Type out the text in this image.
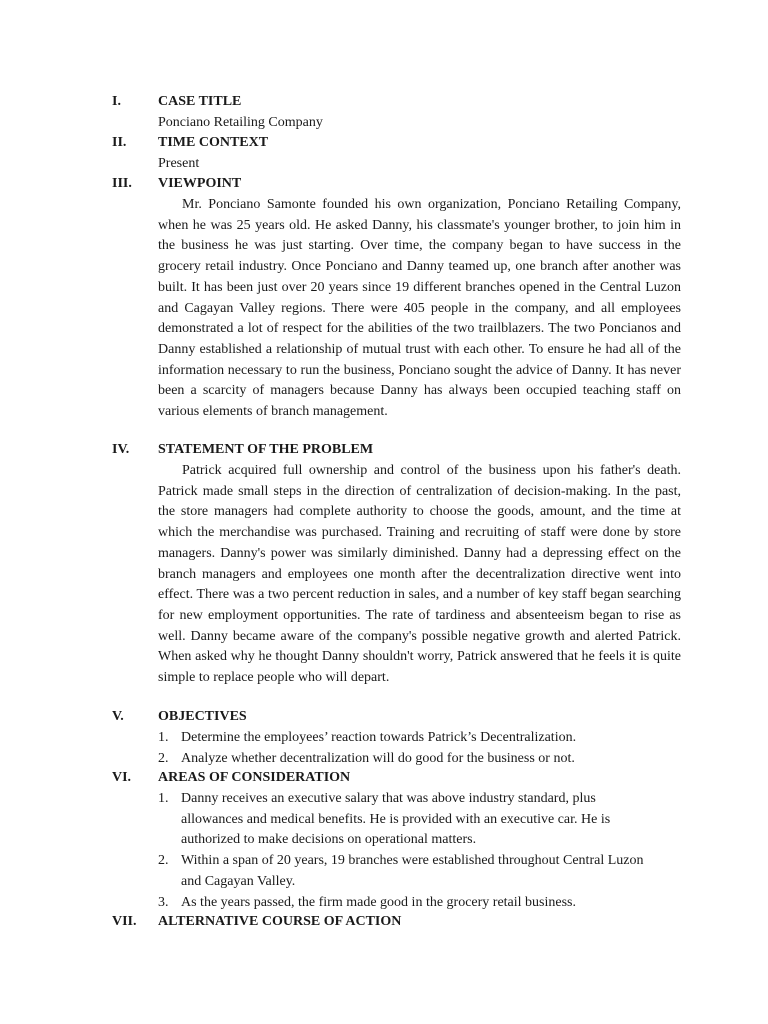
I.	CASE TITLE
Ponciano Retailing Company
II.	TIME CONTEXT
Present
III.	VIEWPOINT
Mr. Ponciano Samonte founded his own organization, Ponciano Retailing Company, when he was 25 years old. He asked Danny, his classmate's younger brother, to join him in the business he was just starting. Over time, the company began to have success in the grocery retail industry. Once Ponciano and Danny teamed up, one branch after another was built. It has been just over 20 years since 19 different branches opened in the Central Luzon and Cagayan Valley regions. There were 405 people in the company, and all employees demonstrated a lot of respect for the abilities of the two trailblazers. The two Poncianos and Danny established a relationship of mutual trust with each other. To ensure he had all of the information necessary to run the business, Ponciano sought the advice of Danny. It has never been a scarcity of managers because Danny has always been occupied teaching staff on various elements of branch management.
IV.	STATEMENT OF THE PROBLEM
Patrick acquired full ownership and control of the business upon his father's death. Patrick made small steps in the direction of centralization of decision-making. In the past, the store managers had complete authority to choose the goods, amount, and the time at which the merchandise was purchased. Training and recruiting of staff were done by store managers. Danny's power was similarly diminished. Danny had a depressing effect on the branch managers and employees one month after the decentralization directive went into effect. There was a two percent reduction in sales, and a number of key staff began searching for new employment opportunities. The rate of tardiness and absenteeism began to rise as well. Danny became aware of the company's possible negative growth and alerted Patrick. When asked why he thought Danny shouldn't worry, Patrick answered that he feels it is quite simple to replace people who will depart.
V.	OBJECTIVES
1. Determine the employees’ reaction towards Patrick’s Decentralization.
2. Analyze whether decentralization will do good for the business or not.
VI.	AREAS OF CONSIDERATION
1. Danny receives an executive salary that was above industry standard, plus allowances and medical benefits. He is provided with an executive car. He is authorized to make decisions on operational matters.
2. Within a span of 20 years, 19 branches were established throughout Central Luzon and Cagayan Valley.
3. As the years passed, the firm made good in the grocery retail business.
VII.	ALTERNATIVE COURSE OF ACTION
